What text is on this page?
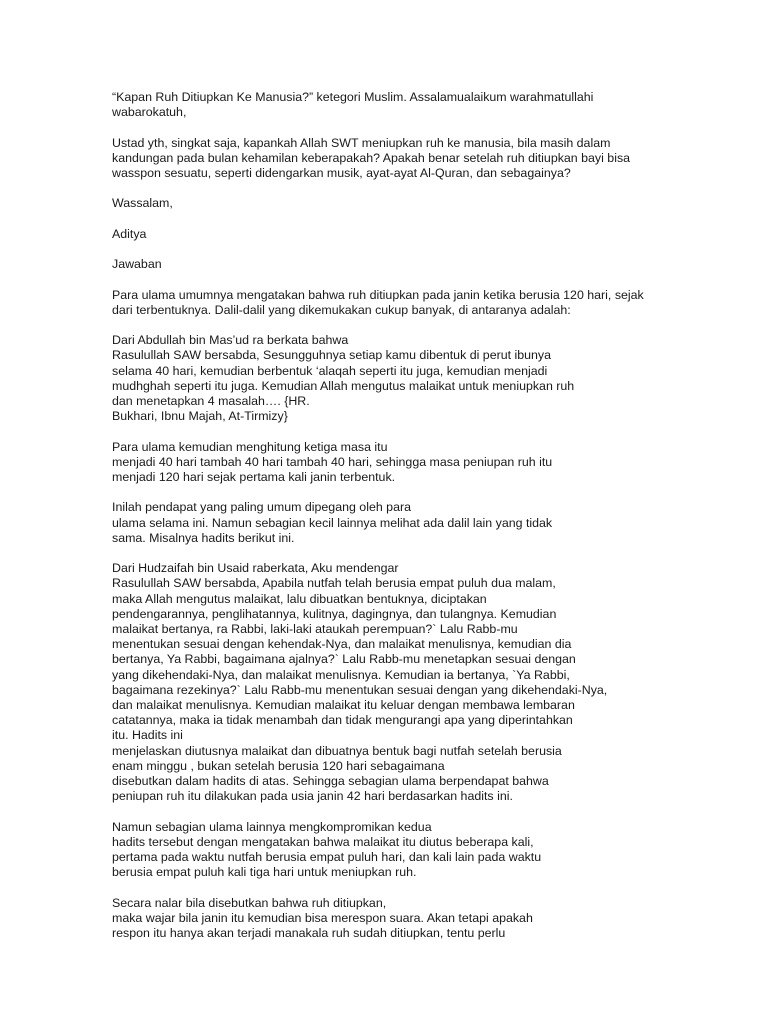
“Kapan Ruh Ditiupkan Ke Manusia?” ketegori Muslim. Assalamualaikum warahmatullahi
wabarokatuh,
Ustad yth, singkat saja, kapankah Allah SWT meniupkan ruh ke manusia, bila masih dalam
kandungan pada bulan kehamilan keberapakah? Apakah benar setelah ruh ditiupkan bayi bisa
wasspon sesuatu, seperti didengarkan musik, ayat-ayat Al-Quran, dan sebagainya?
Wassalam,
Aditya
Jawaban
Para ulama umumnya mengatakan bahwa ruh ditiupkan pada janin ketika berusia 120 hari, sejak
dari terbentuknya. Dalil-dalil yang dikemukakan cukup banyak, di antaranya adalah:
Dari Abdullah bin Mas’ud ra berkata bahwa
Rasulullah SAW bersabda, Sesungguhnya setiap kamu dibentuk di perut ibunya
selama 40 hari, kemudian berbentuk ‘alaqah seperti itu juga, kemudian menjadi
mudhghah seperti itu juga. Kemudian Allah mengutus malaikat untuk meniupkan ruh
dan menetapkan 4 masalah…. {HR.
Bukhari, Ibnu Majah, At-Tirmizy}
Para ulama kemudian menghitung ketiga masa itu
menjadi 40 hari tambah 40 hari tambah 40 hari, sehingga masa peniupan ruh itu
menjadi 120 hari sejak pertama kali janin terbentuk.
Inilah pendapat yang paling umum dipegang oleh para
ulama selama ini. Namun sebagian kecil lainnya melihat ada dalil lain yang tidak
sama. Misalnya hadits berikut ini.
Dari Hudzaifah bin Usaid raberkata, Aku mendengar
Rasulullah SAW bersabda, Apabila nutfah telah berusia empat puluh dua malam,
maka Allah mengutus malaikat, lalu dibuatkan bentuknya, diciptakan
pendengarannya, penglihatannya, kulitnya, dagingnya, dan tulangnya. Kemudian
malaikat bertanya, ra Rabbi, laki-laki ataukah perempuan?` Lalu Rabb-mu
menentukan sesuai dengan kehendak-Nya, dan malaikat menulisnya, kemudian dia
bertanya, Ya Rabbi, bagaimana ajalnya?` Lalu Rabb-mu menetapkan sesuai dengan
yang dikehendaki-Nya, dan malaikat menulisnya. Kemudian ia bertanya, `Ya Rabbi,
bagaimana rezekinya?` Lalu Rabb-mu menentukan sesuai dengan yang dikehendaki-Nya,
dan malaikat menulisnya. Kemudian malaikat itu keluar dengan membawa lembaran
catatannya, maka ia tidak menambah dan tidak mengurangi apa yang diperintahkan
itu. Hadits ini
menjelaskan diutusnya malaikat dan dibuatnya bentuk bagi nutfah setelah berusia
enam minggu , bukan setelah berusia 120 hari sebagaimana
disebutkan dalam hadits di atas. Sehingga sebagian ulama berpendapat bahwa
peniupan ruh itu dilakukan pada usia janin 42 hari berdasarkan hadits ini.
Namun sebagian ulama lainnya mengkompromikan kedua
hadits tersebut dengan mengatakan bahwa malaikat itu diutus beberapa kali,
pertama pada waktu nutfah berusia empat puluh hari, dan kali lain pada waktu
berusia empat puluh kali tiga hari untuk meniupkan ruh.
Secara nalar bila disebutkan bahwa ruh ditiupkan,
maka wajar bila janin itu kemudian bisa merespon suara. Akan tetapi apakah
respon itu hanya akan terjadi manakala ruh sudah ditiupkan, tentu perlu
